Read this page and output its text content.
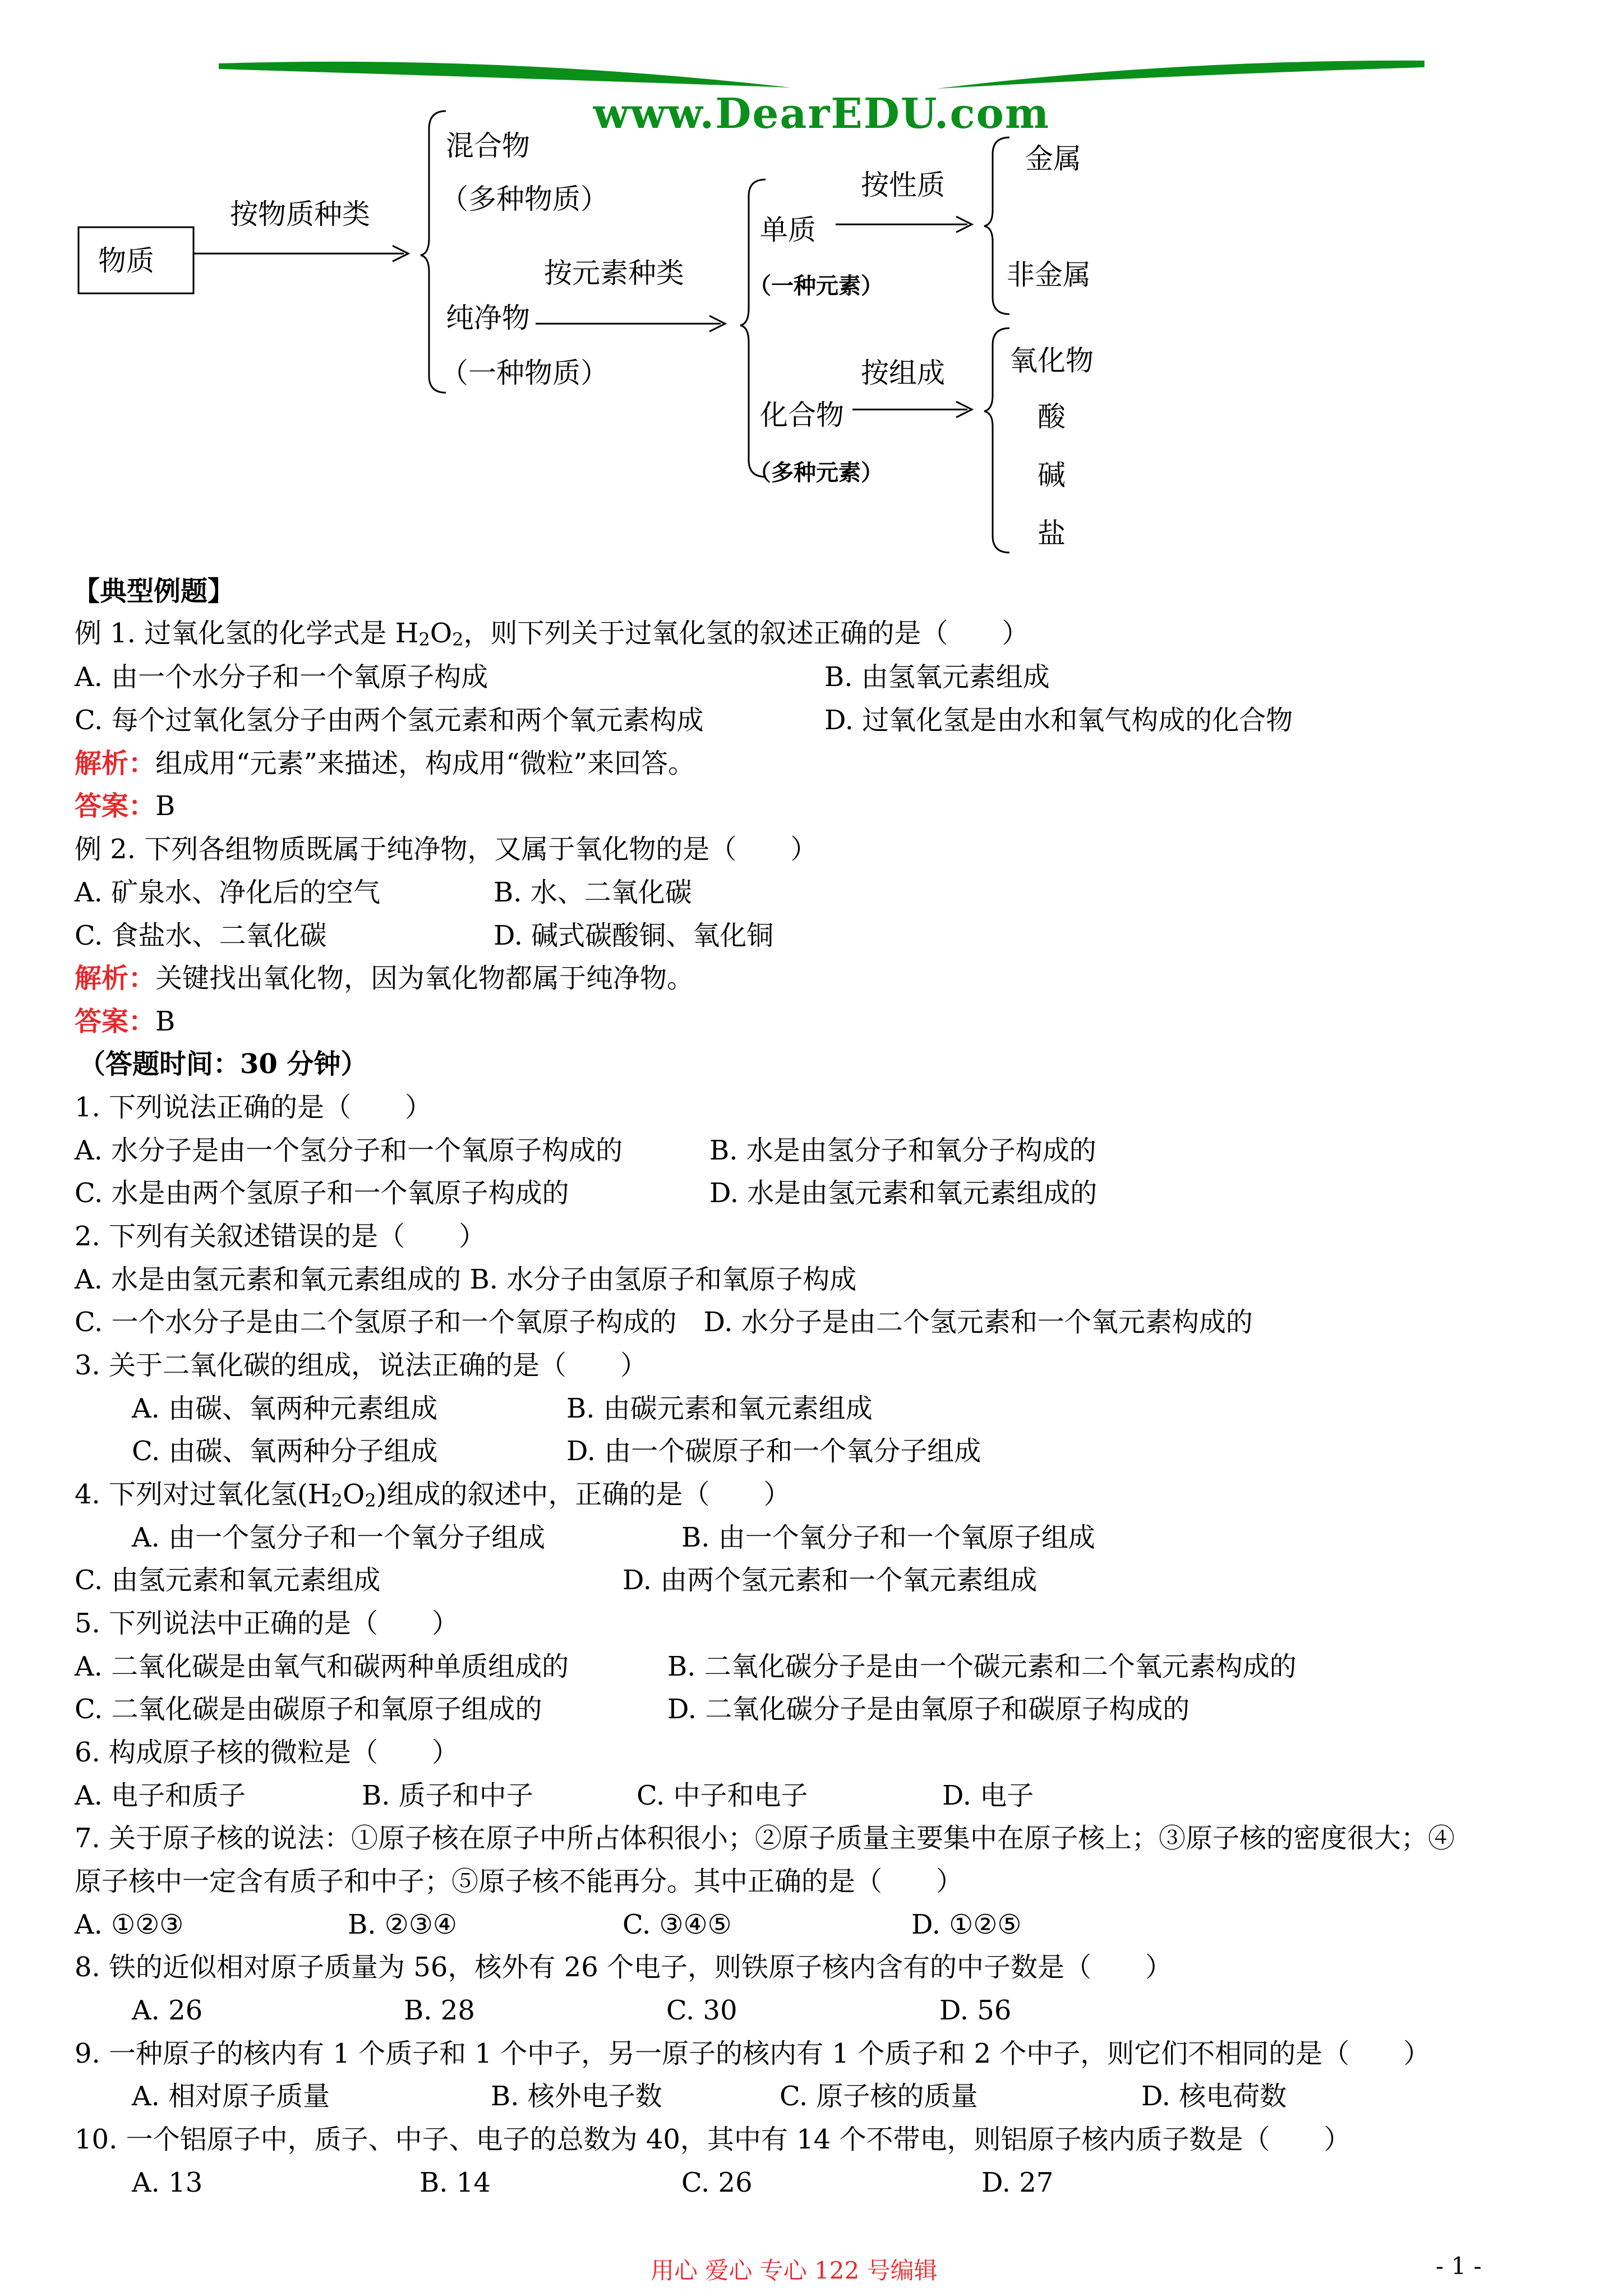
www.DearEDU.com
物质
按物质种类
混合物
（多种物质）
纯净物
（一种物质）
按元素种类
单质
（一种元素）
按性质
金属
非金属
化合物
（多种元素）
按组成 氧化物
酸
碱
盐
【典型例题】
例 1. 过氧化氢的化学式是 $H_2O_2$，则下列关于过氧化氢的叙述正确的是（　　）
A. 由一个水分子和一个氧原子构成	B. 由氢氧元素组成
C. 每个过氧化氢分子由两个氢元素和两个氧元素构成	D. 过氧化氢是由水和氧气构成的化合物
解析：组成用“元素”来描述，构成用“微粒”来回答。
答案：B
例 2. 下列各组物质既属于纯净物，又属于氧化物的是（　　）
A. 矿泉水、净化后的空气	B. 水、二氧化碳
C. 食盐水、二氧化碳	D. 碱式碳酸铜、氧化铜
解析：关键找出氧化物，因为氧化物都属于纯净物。
答案：B
（答题时间：30 分钟）
1. 下列说法正确的是（　　）
A. 水分子是由一个氢分子和一个氧原子构成的	B. 水是由氢分子和氧分子构成的
C. 水是由两个氢原子和一个氧原子构成的	D. 水是由氢元素和氧元素组成的
2. 下列有关叙述错误的是（　　）
A. 水是由氢元素和氧元素组成的 B. 水分子由氢原子和氧原子构成
C. 一个水分子是由二个氢原子和一个氧原子构成的　D. 水分子是由二个氢元素和一个氧元素构成的
3. 关于二氧化碳的组成，说法正确的是（　　）
A. 由碳、氧两种元素组成	B. 由碳元素和氧元素组成
C. 由碳、氧两种分子组成	D. 由一个碳原子和一个氧分子组成
4. 下列对过氧化氢$(H_2O_2)$组成的叙述中，正确的是（　　）
A. 由一个氢分子和一个氧分子组成	B. 由一个氧分子和一个氧原子组成
C. 由氢元素和氧元素组成	D. 由两个氢元素和一个氧元素组成
5. 下列说法中正确的是（　　）
A. 二氧化碳是由氧气和碳两种单质组成的	B. 二氧化碳分子是由一个碳元素和二个氧元素构成的
C. 二氧化碳是由碳原子和氧原子组成的	D. 二氧化碳分子是由氧原子和碳原子构成的
6. 构成原子核的微粒是（　　）
A. 电子和质子	B. 质子和中子	C. 中子和电子	D. 电子
7. 关于原子核的说法：①原子核在原子中所占体积很小；②原子质量主要集中在原子核上；③原子核的密度很大；④
原子核中一定含有质子和中子；⑤原子核不能再分。其中正确的是（　　）
A. ①②③	B. ②③④	C. ③④⑤	D. ①②⑤
8. 铁的近似相对原子质量为 56，核外有 26 个电子，则铁原子核内含有的中子数是（　　）
A. 26	B. 28	C. 30	D. 56
9. 一种原子的核内有 1 个质子和 1 个中子，另一原子的核内有 1 个质子和 2 个中子，则它们不相同的是（　　）
A. 相对原子质量	B. 核外电子数	C. 原子核的质量	D. 核电荷数
10. 一个铝原子中，质子、中子、电子的总数为 40，其中有 14 个不带电，则铝原子核内质子数是（　　）
A. 13	B. 14	C. 26	D. 27
用心 爱心 专心 122 号编辑	- 1 -
